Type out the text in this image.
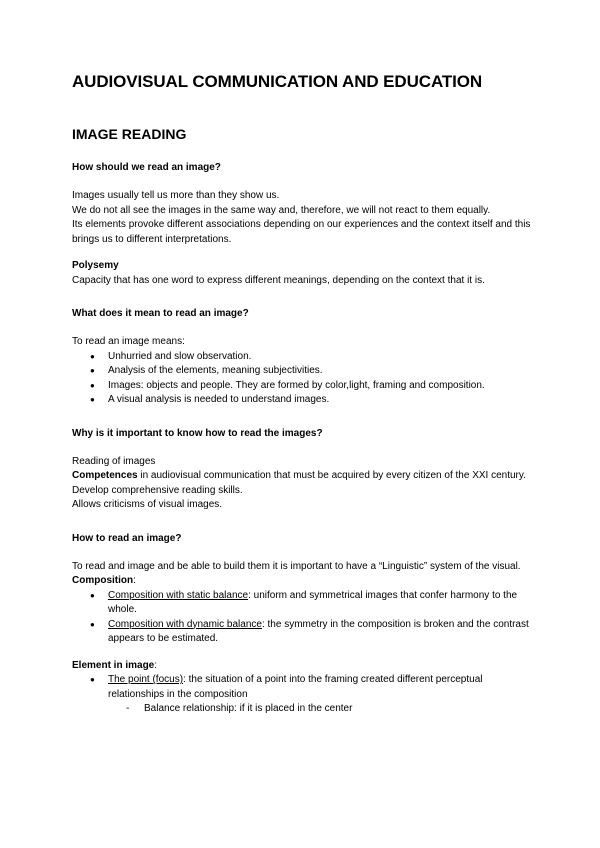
AUDIOVISUAL COMMUNICATION AND EDUCATION
IMAGE READING
How should we read an image?

Images usually tell us more than they show us.

We do not all see the images in the same way and, therefore, we will not react to them equally.

Its elements provoke different associations depending on our experiences and the context itself and this brings us to different interpretations.

Polysemy

Capacity that has one word to express different meanings, depending on the context that it is.

What does it mean to read an image?

To read an image means:

● Unhurried and slow observation.
● Analysis of the elements, meaning subjectivities.
● Images: objects and people. They are formed by color,light, framing and composition.
● A visual analysis is needed to understand images.
Why is it important to know how to read the images?

Reading of images

Competences in audiovisual communication that must be acquired by every citizen of the XXI century.

Develop comprehensive reading skills.

Allows criticisms of visual images.

How to read an image?

To read and image and be able to build them it is important to have a “Linguistic” system of the visual.

Composition:

● Composition with static balance: uniform and symmetrical images that confer harmony to the whole.
● Composition with dynamic balance: the symmetry in the composition is broken and the contrast appears to be estimated.

Element in image:

● The point (focus): the situation of a point into the framing created different perceptual relationships in the composition
- Balance relationship: if it is placed in the center
